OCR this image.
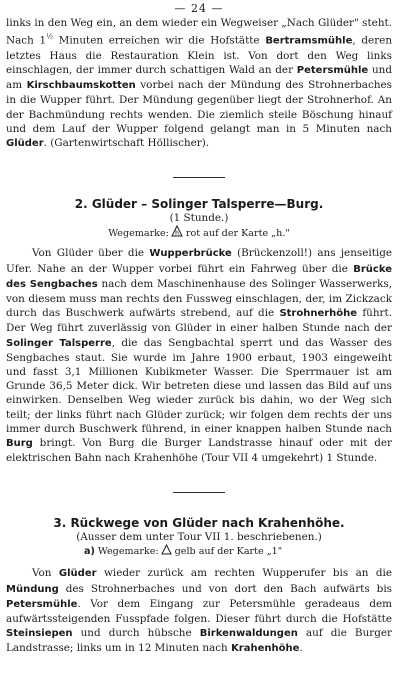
— 24 —

links in den Weg ein, an dem wieder ein Wegweiser „Nach Glüder" steht. Nach $1^{\frac{1}{2}}$ Minuten erreichen wir die Hofstätte Bertramsmühle, deren letztes Haus die Restauration Klein ist. Von dort den Weg links einschlagen, der immer durch schattigen Wald an der Petersmühle und am Kirschbaumskotten vorbei nach der Mündung des Strohnerbaches in die Wupper führt. Der Mündung gegenüber liegt der Strohnerhof. An der Bachmündung rechts wenden. Die ziemlich steile Böschung hinauf und dem Lauf der Wupper folgend gelangt man in 5 Minuten nach Glüder. (Gartenwirtschaft Höllischer).

2. Glüder – Solinger Talsperre—Burg.

(1 Stunde.)

Wegemarke: h rot auf der Karte „h."

Von Glüder über die Wupperbrücke (Brückenzoll!) ans jenseitige Ufer. Nahe an der Wupper vorbei führt ein Fahrweg über die Brücke des Sengbaches nach dem Maschinenhause des Solinger Wasserwerks, von diesem muss man rechts den Fussweg einschlagen, der, im Zickzack durch das Buschwerk aufwärts strebend, auf die Strohnerhöhe führt. Der Weg führt zuverlässig von Glüder in einer halben Stunde nach der Solinger Talsperre, die das Sengbachtal sperrt und das Wasser des Sengbaches staut. Sie wurde im Jahre 1900 erbaut, 1903 eingeweiht und fasst 3,1 Millionen Kubikmeter Wasser. Die Sperrmauer ist am Grunde 36,5 Meter dick. Wir betreten diese und lassen das Bild auf uns einwirken. Denselben Weg wieder zurück bis dahin, wo der Weg sich teilt; der links führt nach Glüder zurück; wir folgen dem rechts der uns immer durch Buschwerk führend, in einer knappen halben Stunde nach Burg bringt. Von Burg die Burger Landstrasse hinauf oder mit der elektrischen Bahn nach Krahenhöhe (Tour VII 4 umgekehrt) 1 Stunde.

3. Rückwege von Glüder nach Krahenhöhe.

(Ausser dem unter Tour VII 1. beschriebenen.)

a) Wegemarke: gelb auf der Karte „1"

Von Glüder wieder zurück am rechten Wupperufer bis an die Mündung des Strohnerbaches und von dort den Bach aufwärts bis Petersmühle. Vor dem Eingang zur Petersmühle geradeaus dem aufwärtssteigenden Fusspfade folgen. Dieser führt durch die Hofstätte Steinsiepen und durch hübsche Birkenwaldungen auf die Burger Landstrasse; links um in 12 Minuten nach Krahenhöhe.
